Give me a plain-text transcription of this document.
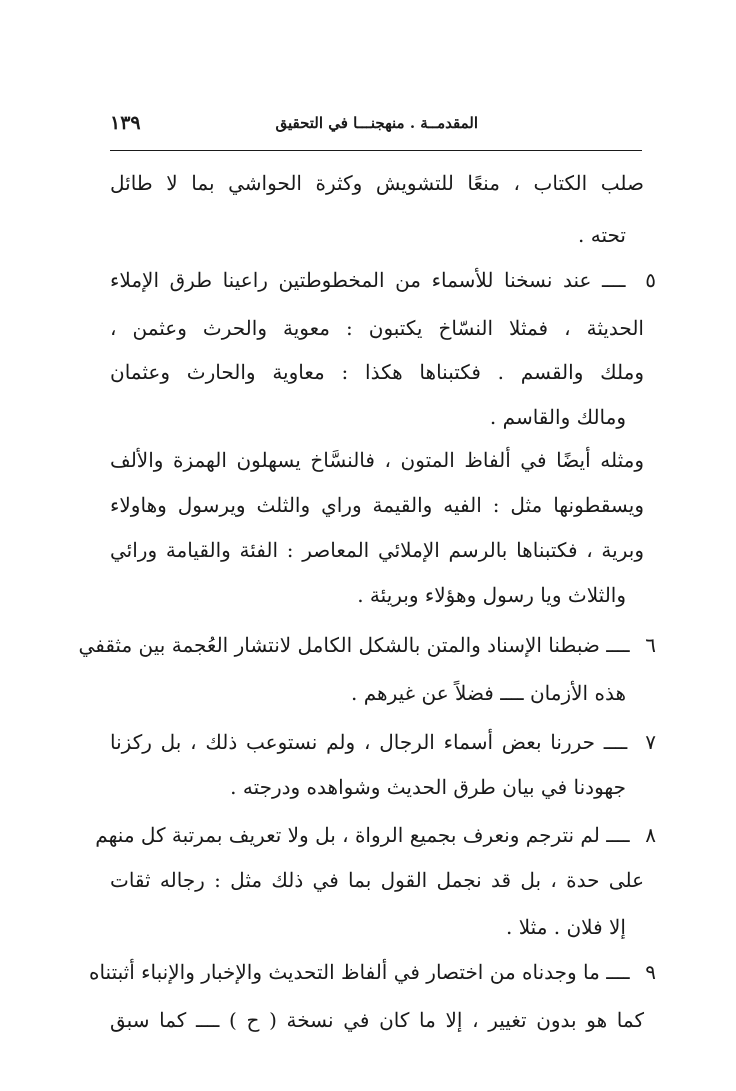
المقدمــة . منهجنـــا في التحقيق
١٣٩
صلب الكتاب ، منعًا للتشويش وكثرة الحواشي بما لا طائل
تحته .
٥ ــــ عند نسخنا للأسماء من المخطوطتين راعينا طرق الإملاء
الحديثة ، فمثلا النسّاخ يكتبون : معوية والحرث وعثمن ،
وملك والقسم . فكتبناها هكذا : معاوية والحارث وعثمان
ومالك والقاسم .
ومثله أيضًا في ألفاظ المتون ، فالنسَّاخ يسهلون الهمزة والألف
ويسقطونها مثل : الفيه والقيمة وراي والثلث ويرسول وهاولاء
وبرية ، فكتبناها بالرسم الإملائي المعاصر : الفئة والقيامة ورائي
والثلاث ويا رسول وهؤلاء وبريئة .
٦ ــــ ضبطنا الإسناد والمتن بالشكل الكامل لانتشار العُجمة بين مثقفي
هذه الأزمان ــــ فضلاً عن غيرهم .
٧ ــــ حررنا بعض أسماء الرجال ، ولم نستوعب ذلك ، بل ركزنا
جهودنا في بيان طرق الحديث وشواهده ودرجته .
٨ ــــ لم نترجم ونعرف بجميع الرواة ، بل ولا تعريف بمرتبة كل منهم
على حدة ، بل قد نجمل القول بما في ذلك مثل : رجاله ثقات
إلا فلان . مثلا .
٩ ــــ ما وجدناه من اختصار في ألفاظ التحديث والإخبار والإنباء أثبتناه
كما هو بدون تغيير ، إلا ما كان في نسخة ( ح ) ــــ كما سبق
